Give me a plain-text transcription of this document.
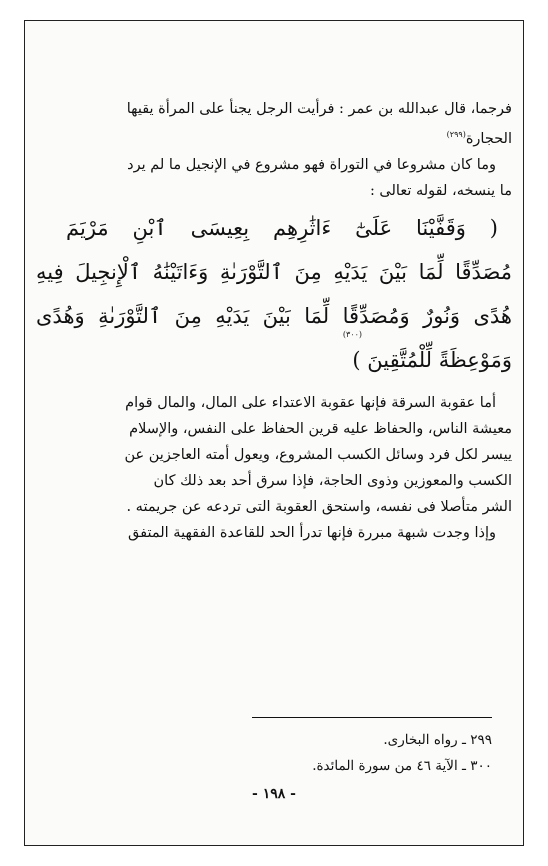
فرجما، قال عبدالله بن عمر : فرأيت الرجل يجنأ على المرأة يقيها
الحجارة$^{(٢٩٩)}$
وما كان مشروعا في التوراة فهو مشروع في الإنجيل ما لم يرد
ما ينسخه، لقوله تعالى :
( وَقَفَّيْنَا عَلَىٰٓ ءَاثَٰرِهِم بِعِيسَى ٱبْنِ مَرْيَمَ
مُصَدِّقًا لِّمَا بَيْنَ يَدَيْهِ مِنَ ٱلتَّوْرَىٰةِ وَءَاتَيْنَٰهُ ٱلْإِنجِيلَ فِيهِ
هُدًى وَنُورٌ وَمُصَدِّقًا لِّمَا بَيْنَ يَدَيْهِ مِنَ ٱلتَّوْرَىٰةِ وَهُدًى
وَمَوْعِظَةً لِّلْمُتَّقِينَ )
(٣٠٠)
أما عقوبة السرقة فإنها عقوبة الاعتداء على المال، والمال قوام
معيشة الناس، والحفاظ عليه قرين الحفاظ على النفس، والإسلام
ييسر لكل فرد وسائل الكسب المشروع، ويعول أمته العاجزين عن
الكسب والمعوزين وذوى الحاجة، فإذا سرق أحد بعد ذلك كان
الشر متأصلا فى نفسه، واستحق العقوبة التى تردعه عن جريمته .
وإذا وجدت شبهة مبررة فإنها تدرأ الحد للقاعدة الفقهية المتفق
٢٩٩ ـ رواه البخارى.
٣٠٠ ـ الآية ٤٦ من سورة المائدة.
- ١٩٨ -
